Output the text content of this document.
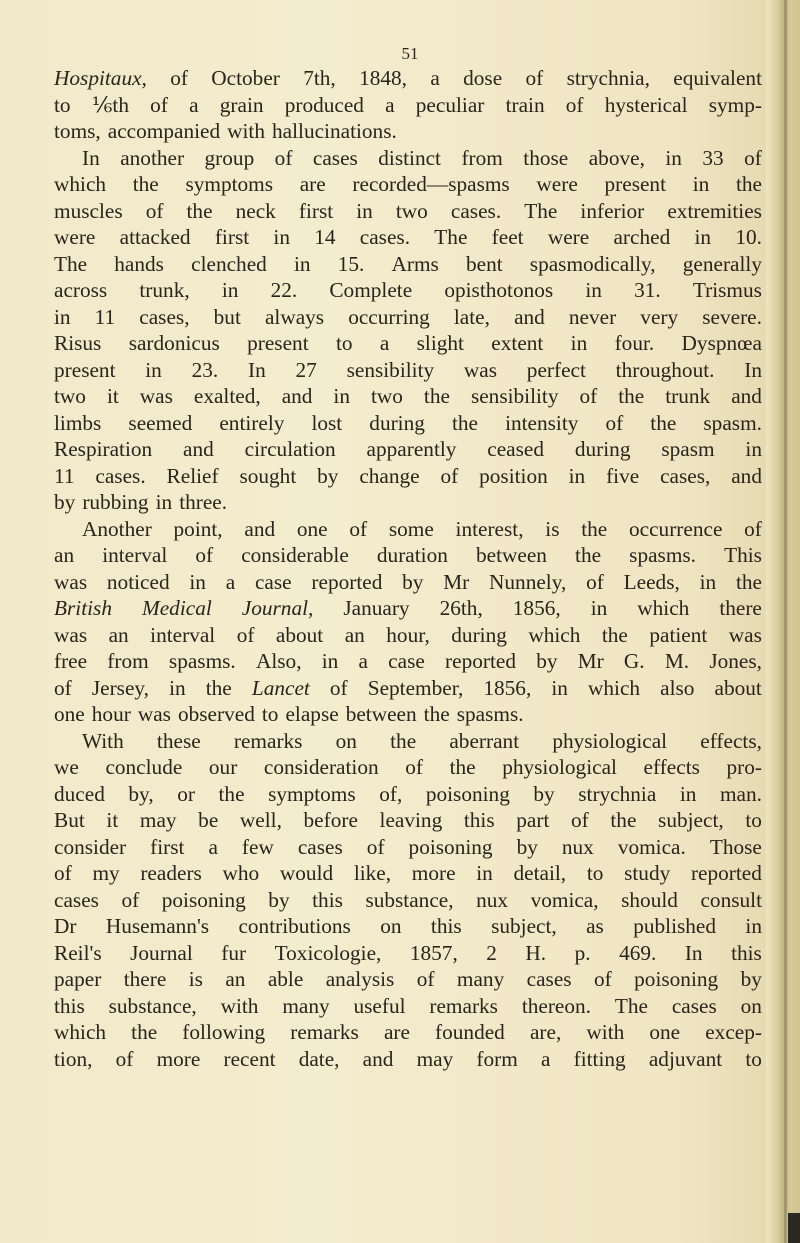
51
Hospitaux, of October 7th, 1848, a dose of strychnia, equivalent
to ⅙th of a grain produced a peculiar train of hysterical symp-
toms, accompanied with hallucinations.
In another group of cases distinct from those above, in 33 of
which the symptoms are recorded—spasms were present in the
muscles of the neck first in two cases. The inferior extremities
were attacked first in 14 cases. The feet were arched in 10.
The hands clenched in 15. Arms bent spasmodically, generally
across trunk, in 22. Complete opisthotonos in 31. Trismus
in 11 cases, but always occurring late, and never very severe.
Risus sardonicus present to a slight extent in four. Dyspnœa
present in 23. In 27 sensibility was perfect throughout. In
two it was exalted, and in two the sensibility of the trunk and
limbs seemed entirely lost during the intensity of the spasm.
Respiration and circulation apparently ceased during spasm in
11 cases. Relief sought by change of position in five cases, and
by rubbing in three.
Another point, and one of some interest, is the occurrence of
an interval of considerable duration between the spasms. This
was noticed in a case reported by Mr Nunnely, of Leeds, in the
British Medical Journal, January 26th, 1856, in which there
was an interval of about an hour, during which the patient was
free from spasms. Also, in a case reported by Mr G. M. Jones,
of Jersey, in the Lancet of September, 1856, in which also about
one hour was observed to elapse between the spasms.
With these remarks on the aberrant physiological effects,
we conclude our consideration of the physiological effects pro-
duced by, or the symptoms of, poisoning by strychnia in man.
But it may be well, before leaving this part of the subject, to
consider first a few cases of poisoning by nux vomica. Those
of my readers who would like, more in detail, to study reported
cases of poisoning by this substance, nux vomica, should consult
Dr Husemann's contributions on this subject, as published in
Reil's Journal fur Toxicologie, 1857, 2 H. p. 469. In this
paper there is an able analysis of many cases of poisoning by
this substance, with many useful remarks thereon. The cases on
which the following remarks are founded are, with one excep-
tion, of more recent date, and may form a fitting adjuvant to
